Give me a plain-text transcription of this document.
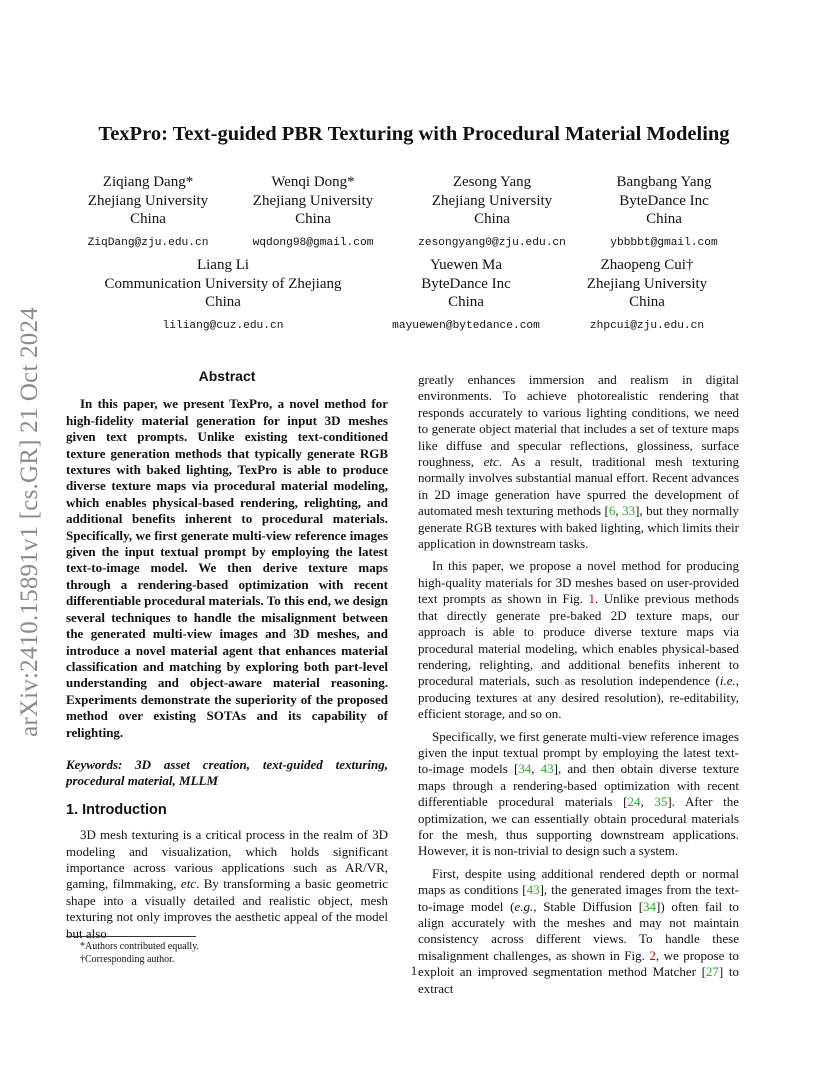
arXiv:2410.15891v1 [cs.GR] 21 Oct 2024
TexPro: Text-guided PBR Texturing with Procedural Material Modeling
Ziqiang Dang*
Zhejiang University
China
ZiqDang@zju.edu.cn
Wenqi Dong*
Zhejiang University
China
wqdong98@gmail.com
Zesong Yang
Zhejiang University
China
zesongyang0@zju.edu.cn
Bangbang Yang
ByteDance Inc
China
ybbbbt@gmail.com
Liang Li
Communication University of Zhejiang
China
liliang@cuz.edu.cn
Yuewen Ma
ByteDance Inc
China
mayuewen@bytedance.com
Zhaopeng Cui†
Zhejiang University
China
zhpcui@zju.edu.cn
Abstract

In this paper, we present TexPro, a novel method for high-fidelity material generation for input 3D meshes given text prompts. Unlike existing text-conditioned texture generation methods that typically generate RGB textures with baked lighting, TexPro is able to produce diverse texture maps via procedural material modeling, which enables physical-based rendering, relighting, and additional benefits inherent to procedural materials. Specifically, we first generate multi-view reference images given the input textual prompt by employing the latest text-to-image model. We then derive texture maps through a rendering-based optimization with recent differentiable procedural materials. To this end, we design several techniques to handle the misalignment between the generated multi-view images and 3D meshes, and introduce a novel material agent that enhances material classification and matching by exploring both part-level understanding and object-aware material reasoning. Experiments demonstrate the superiority of the proposed method over existing SOTAs and its capability of relighting.

Keywords: 3D asset creation, text-guided texturing, procedural material, MLLM

1. Introduction

3D mesh texturing is a critical process in the realm of 3D modeling and visualization, which holds significant importance across various applications such as AR/VR, gaming, filmmaking, etc. By transforming a basic geometric shape into a visually detailed and realistic object, mesh texturing not only improves the aesthetic appeal of the model but also

greatly enhances immersion and realism in digital environments. To achieve photorealistic rendering that responds accurately to various lighting conditions, we need to generate object material that includes a set of texture maps like diffuse and specular reflections, glossiness, surface roughness, etc. As a result, traditional mesh texturing normally involves substantial manual effort. Recent advances in 2D image generation have spurred the development of automated mesh texturing methods [6, 33], but they normally generate RGB textures with baked lighting, which limits their application in downstream tasks.

In this paper, we propose a novel method for producing high-quality materials for 3D meshes based on user-provided text prompts as shown in Fig. 1. Unlike previous methods that directly generate pre-baked 2D texture maps, our approach is able to produce diverse texture maps via procedural material modeling, which enables physical-based rendering, relighting, and additional benefits inherent to procedural materials, such as resolution independence (i.e., producing textures at any desired resolution), re-editability, efficient storage, and so on.

Specifically, we first generate multi-view reference images given the input textual prompt by employing the latest text-to-image models [34, 43], and then obtain diverse texture maps through a rendering-based optimization with recent differentiable procedural materials [24, 35]. After the optimization, we can essentially obtain procedural materials for the mesh, thus supporting downstream applications. However, it is non-trivial to design such a system.

First, despite using additional rendered depth or normal maps as conditions [43], the generated images from the text-to-image model (e.g., Stable Diffusion [34]) often fail to align accurately with the meshes and may not maintain consistency across different views. To handle these misalignment challenges, as shown in Fig. 2, we propose to exploit an improved segmentation method Matcher [27] to extract

*Authors contributed equally.
†Corresponding author.
1
